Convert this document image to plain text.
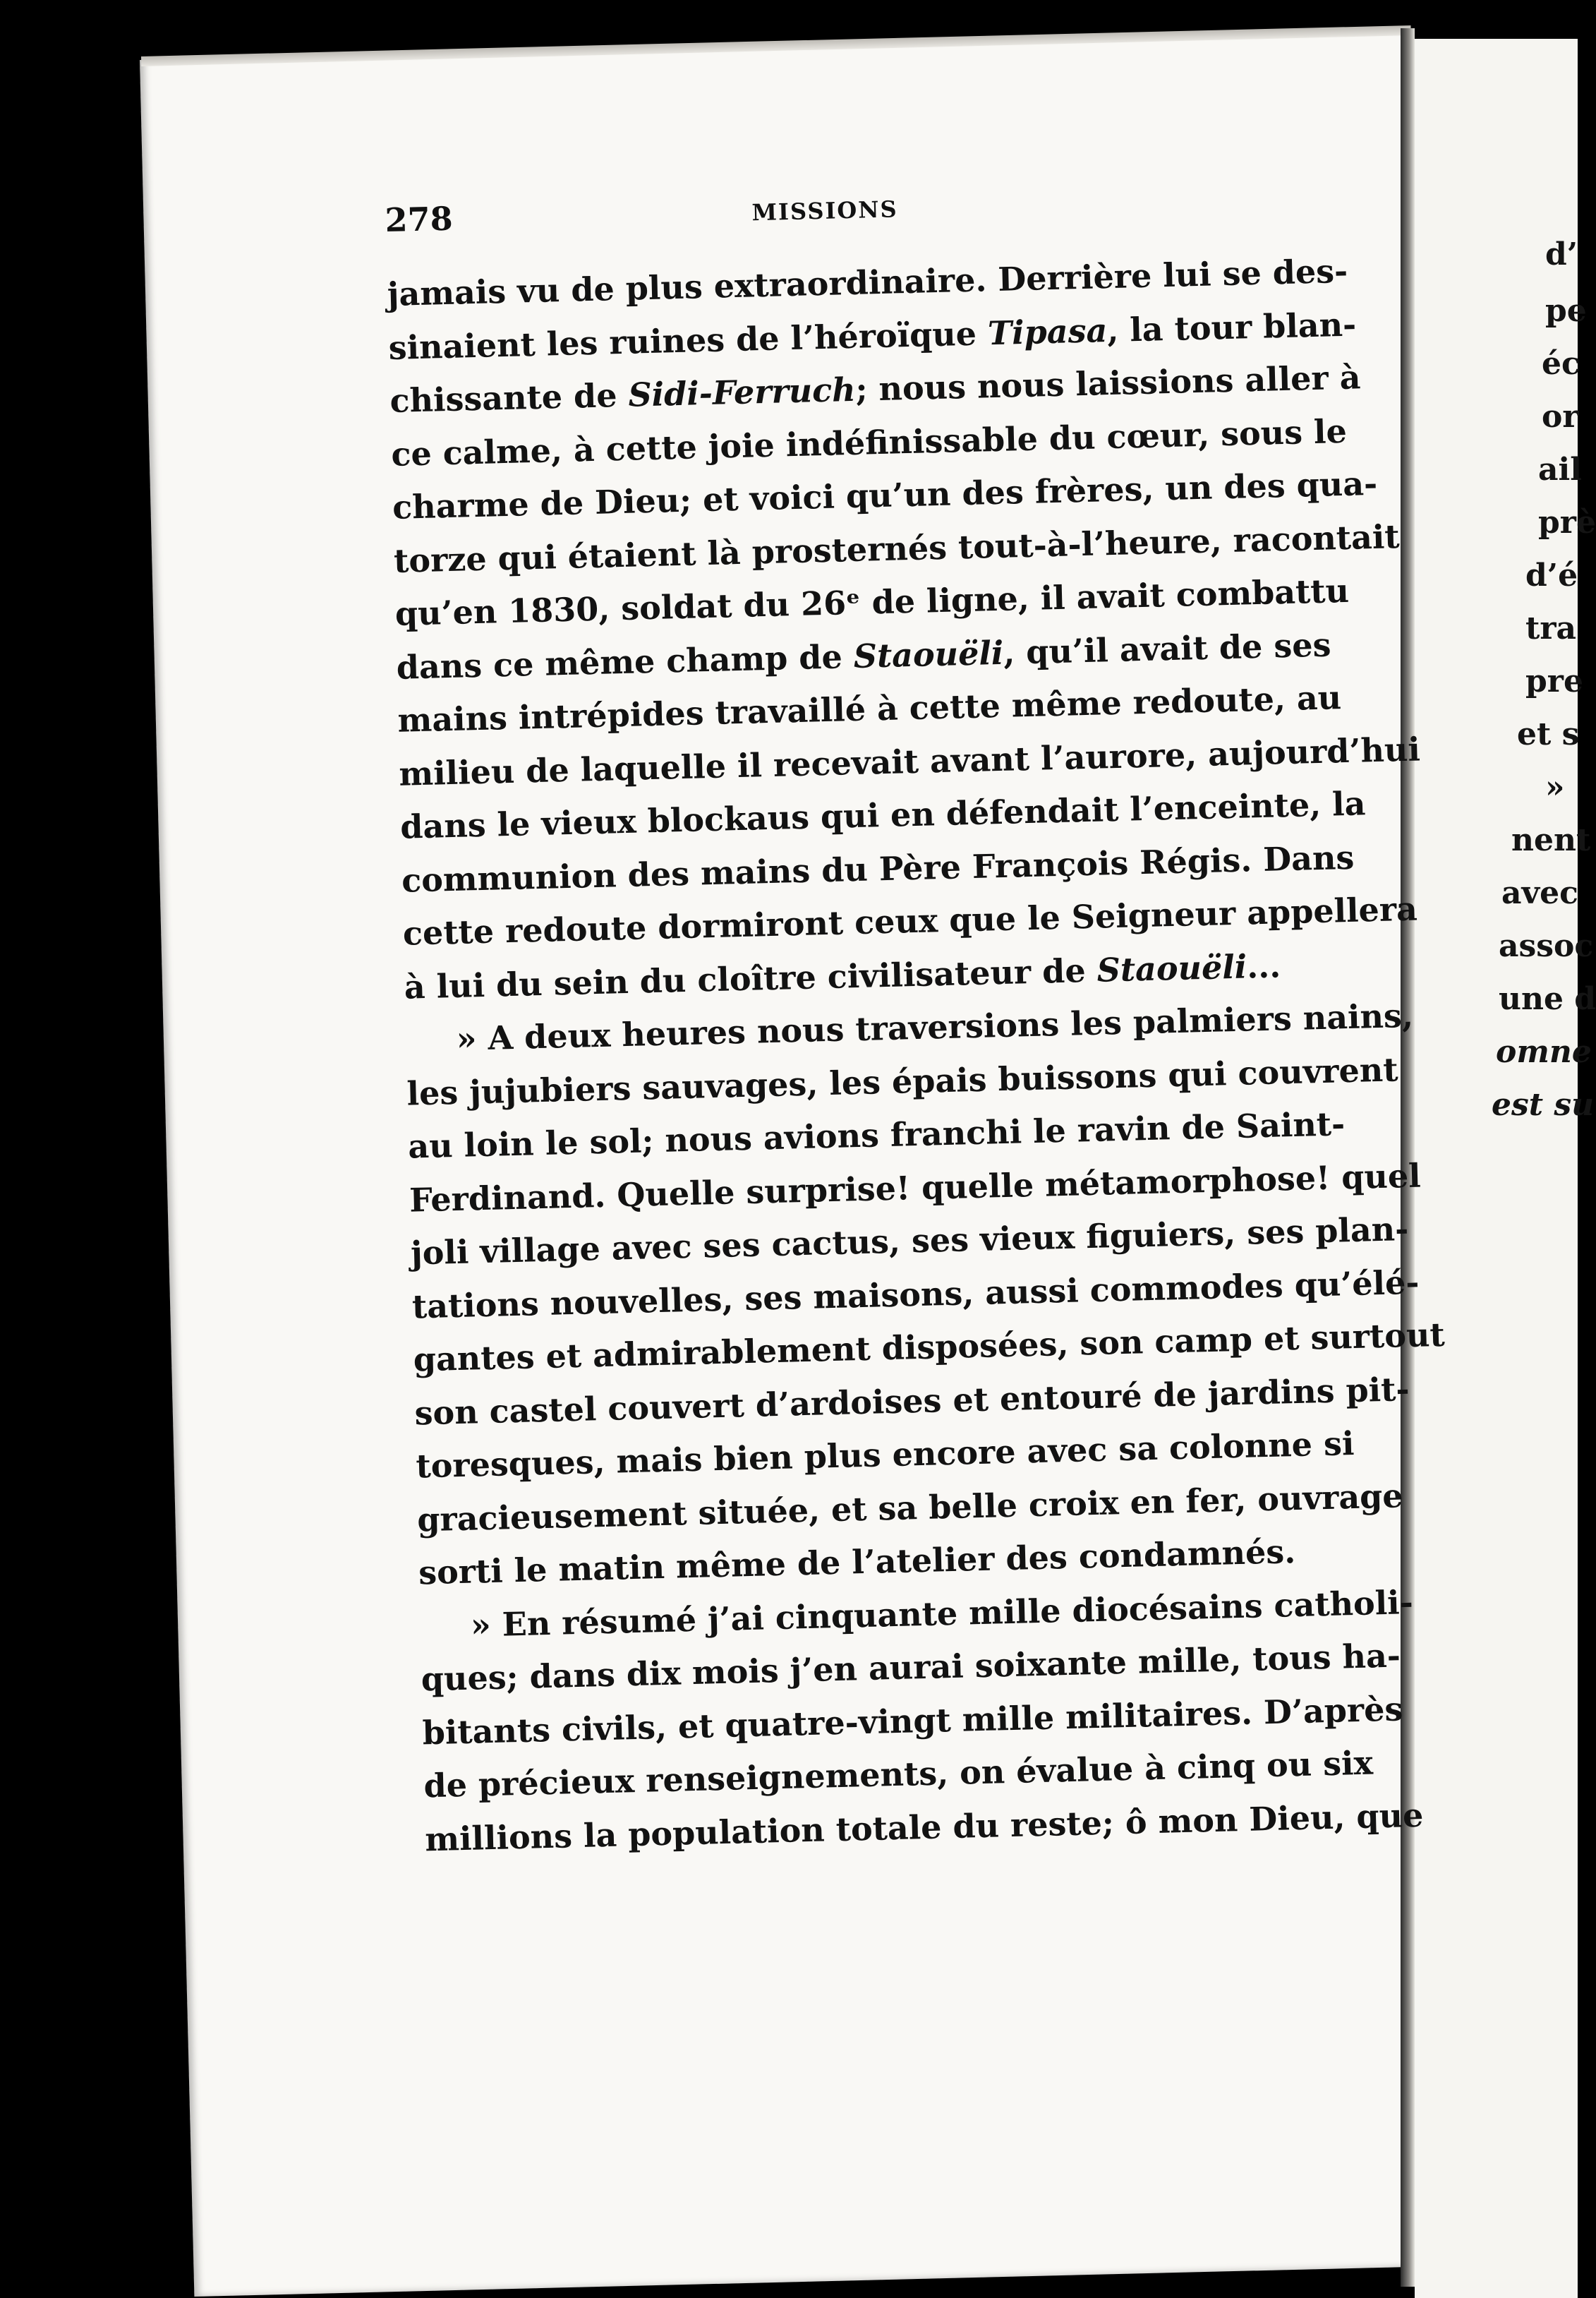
278	MISSIONS
jamais vu de plus extraordinaire. Derrière lui se des-
sinaient les ruines de l’héroïque Tipasa, la tour blan-
chissante de Sidi-Ferruch; nous nous laissions aller à
ce calme, à cette joie indéfinissable du cœur, sous le
charme de Dieu; et voici qu’un des frères, un des qua-
torze qui étaient là prosternés tout-à-l’heure, racontait
qu’en 1830, soldat du 26ᵉ de ligne, il avait combattu
dans ce même champ de Staouëli, qu’il avait de ses
mains intrépides travaillé à cette même redoute, au
milieu de laquelle il recevait avant l’aurore, aujourd’hui
dans le vieux blockaus qui en défendait l’enceinte, la
communion des mains du Père François Régis. Dans
cette redoute dormiront ceux que le Seigneur appellera
à lui du sein du cloître civilisateur de Staouëli...
» A deux heures nous traversions les palmiers nains,
les jujubiers sauvages, les épais buissons qui couvrent
au loin le sol; nous avions franchi le ravin de Saint-
Ferdinand. Quelle surprise! quelle métamorphose! quel
joli village avec ses cactus, ses vieux figuiers, ses plan-
tations nouvelles, ses maisons, aussi commodes qu’élé-
gantes et admirablement disposées, son camp et surtout
son castel couvert d’ardoises et entouré de jardins pit-
toresques, mais bien plus encore avec sa colonne si
gracieusement située, et sa belle croix en fer, ouvrage
sorti le matin même de l’atelier des condamnés.
» En résumé j’ai cinquante mille diocésains catholi-
ques; dans dix mois j’en aurai soixante mille, tous ha-
bitants civils, et quatre-vingt mille militaires. D’après
de précieux renseignements, on évalue à cinq ou six
millions la population totale du reste; ô mon Dieu, que
d’
pe
éc
or
ail
prè
d’é
tra
pre
et s
»
nent
avec
assoc
une d
omne
est su
